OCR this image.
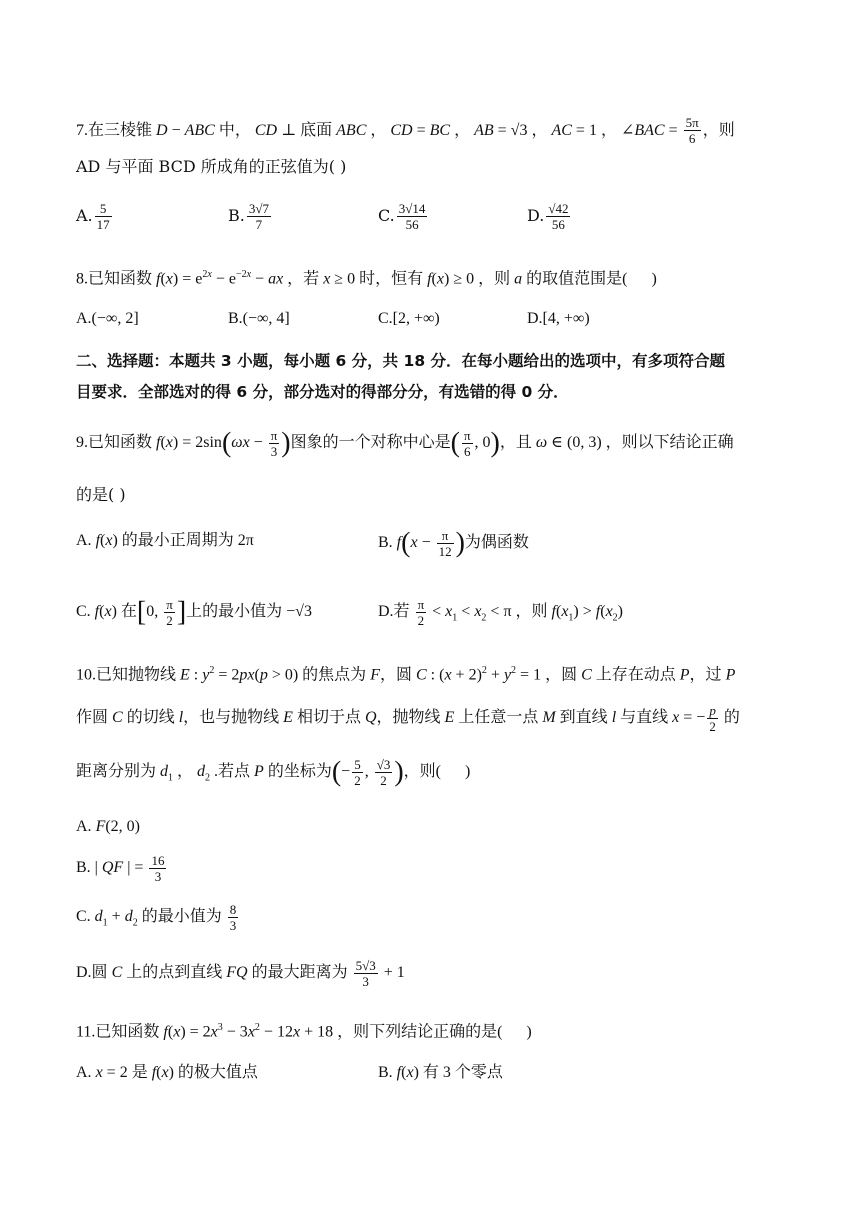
7.在三棱锥 D − ABC 中， CD ⊥ 底面 ABC ， CD = BC ， AB = √3 ， AC = 1 ， ∠BAC = $\frac{5\pi}{6}$ ，则
AD 与平面 BCD 所成角的正弦值为( )
A. $\frac{5}{17}$	B. $\frac{3√7}{7}$	C. $\frac{3√14}{56}$	D. $\frac{√42}{56}$
8.已知函数 $f(x) = e^{2x} - e^{-2x}$ − ax ，若 x ≥ 0 时，恒有 f(x) ≥ 0 ，则 a 的取值范围是(      )
A.(−∞, 2]	B.(−∞, 4]	C.[2, +∞)	D.[4, +∞)
二、选择题：本题共 3 小题，每小题 6 分，共 18 分．在每小题给出的选项中，有多项符合题
目要求．全部选对的得 6 分，部分选对的得部分分，有选错的得 0 分．
9.已知函数 $f(x) = 2\sin(\omega x - \frac{\pi}{3}$ )图象的一个对称中心是( $\frac{\pi}{6}$ , 0)，且 ω ∈ (0, 3) ，则以下结论正确
的是( )
A. f(x) 的最小正周期为 2π	B. $f(x - \frac{\pi}{12}$ )为偶函数
C. f(x) 在[0, $\frac{\pi}{2}$ ]上的最小值为 −√3	D.若 $\frac{\pi}{2} < x_1 < x_2 < \pi$ ，则 $f(x_1) > f(x_2)$
10.已知抛物线 E : $y^2 = 2px(p > 0)$ 的焦点为 F，圆 C : $(x + 2)^2 + y^2 = 1$ ，圆 C 上存在动点 P，过 P
作圆 C 的切线 l，也与抛物线 E 相切于点 Q，抛物线 E 上任意一点 M 到直线 l 与直线 x = − $\frac{p}{2}$ 的
距离分别为 $d_1$ ， $d_2$ .若点 P 的坐标为(− $\frac{5}{2}$ , $\frac{√3}{2}$ )，则(      )
A. F(2, 0)
B. | QF | = $\frac{16}{3}$
C. $d_1 + d_2$ 的最小值为 $\frac{8}{3}$
D.圆 C 上的点到直线 FQ 的最大距离为 $\frac{5√3}{3} + 1$
11.已知函数 $f(x) = 2x^3 - 3x^2 - 12x + 18$ ，则下列结论正确的是(      )
A. x = 2 是 f(x) 的极大值点	B. f(x) 有 3 个零点
